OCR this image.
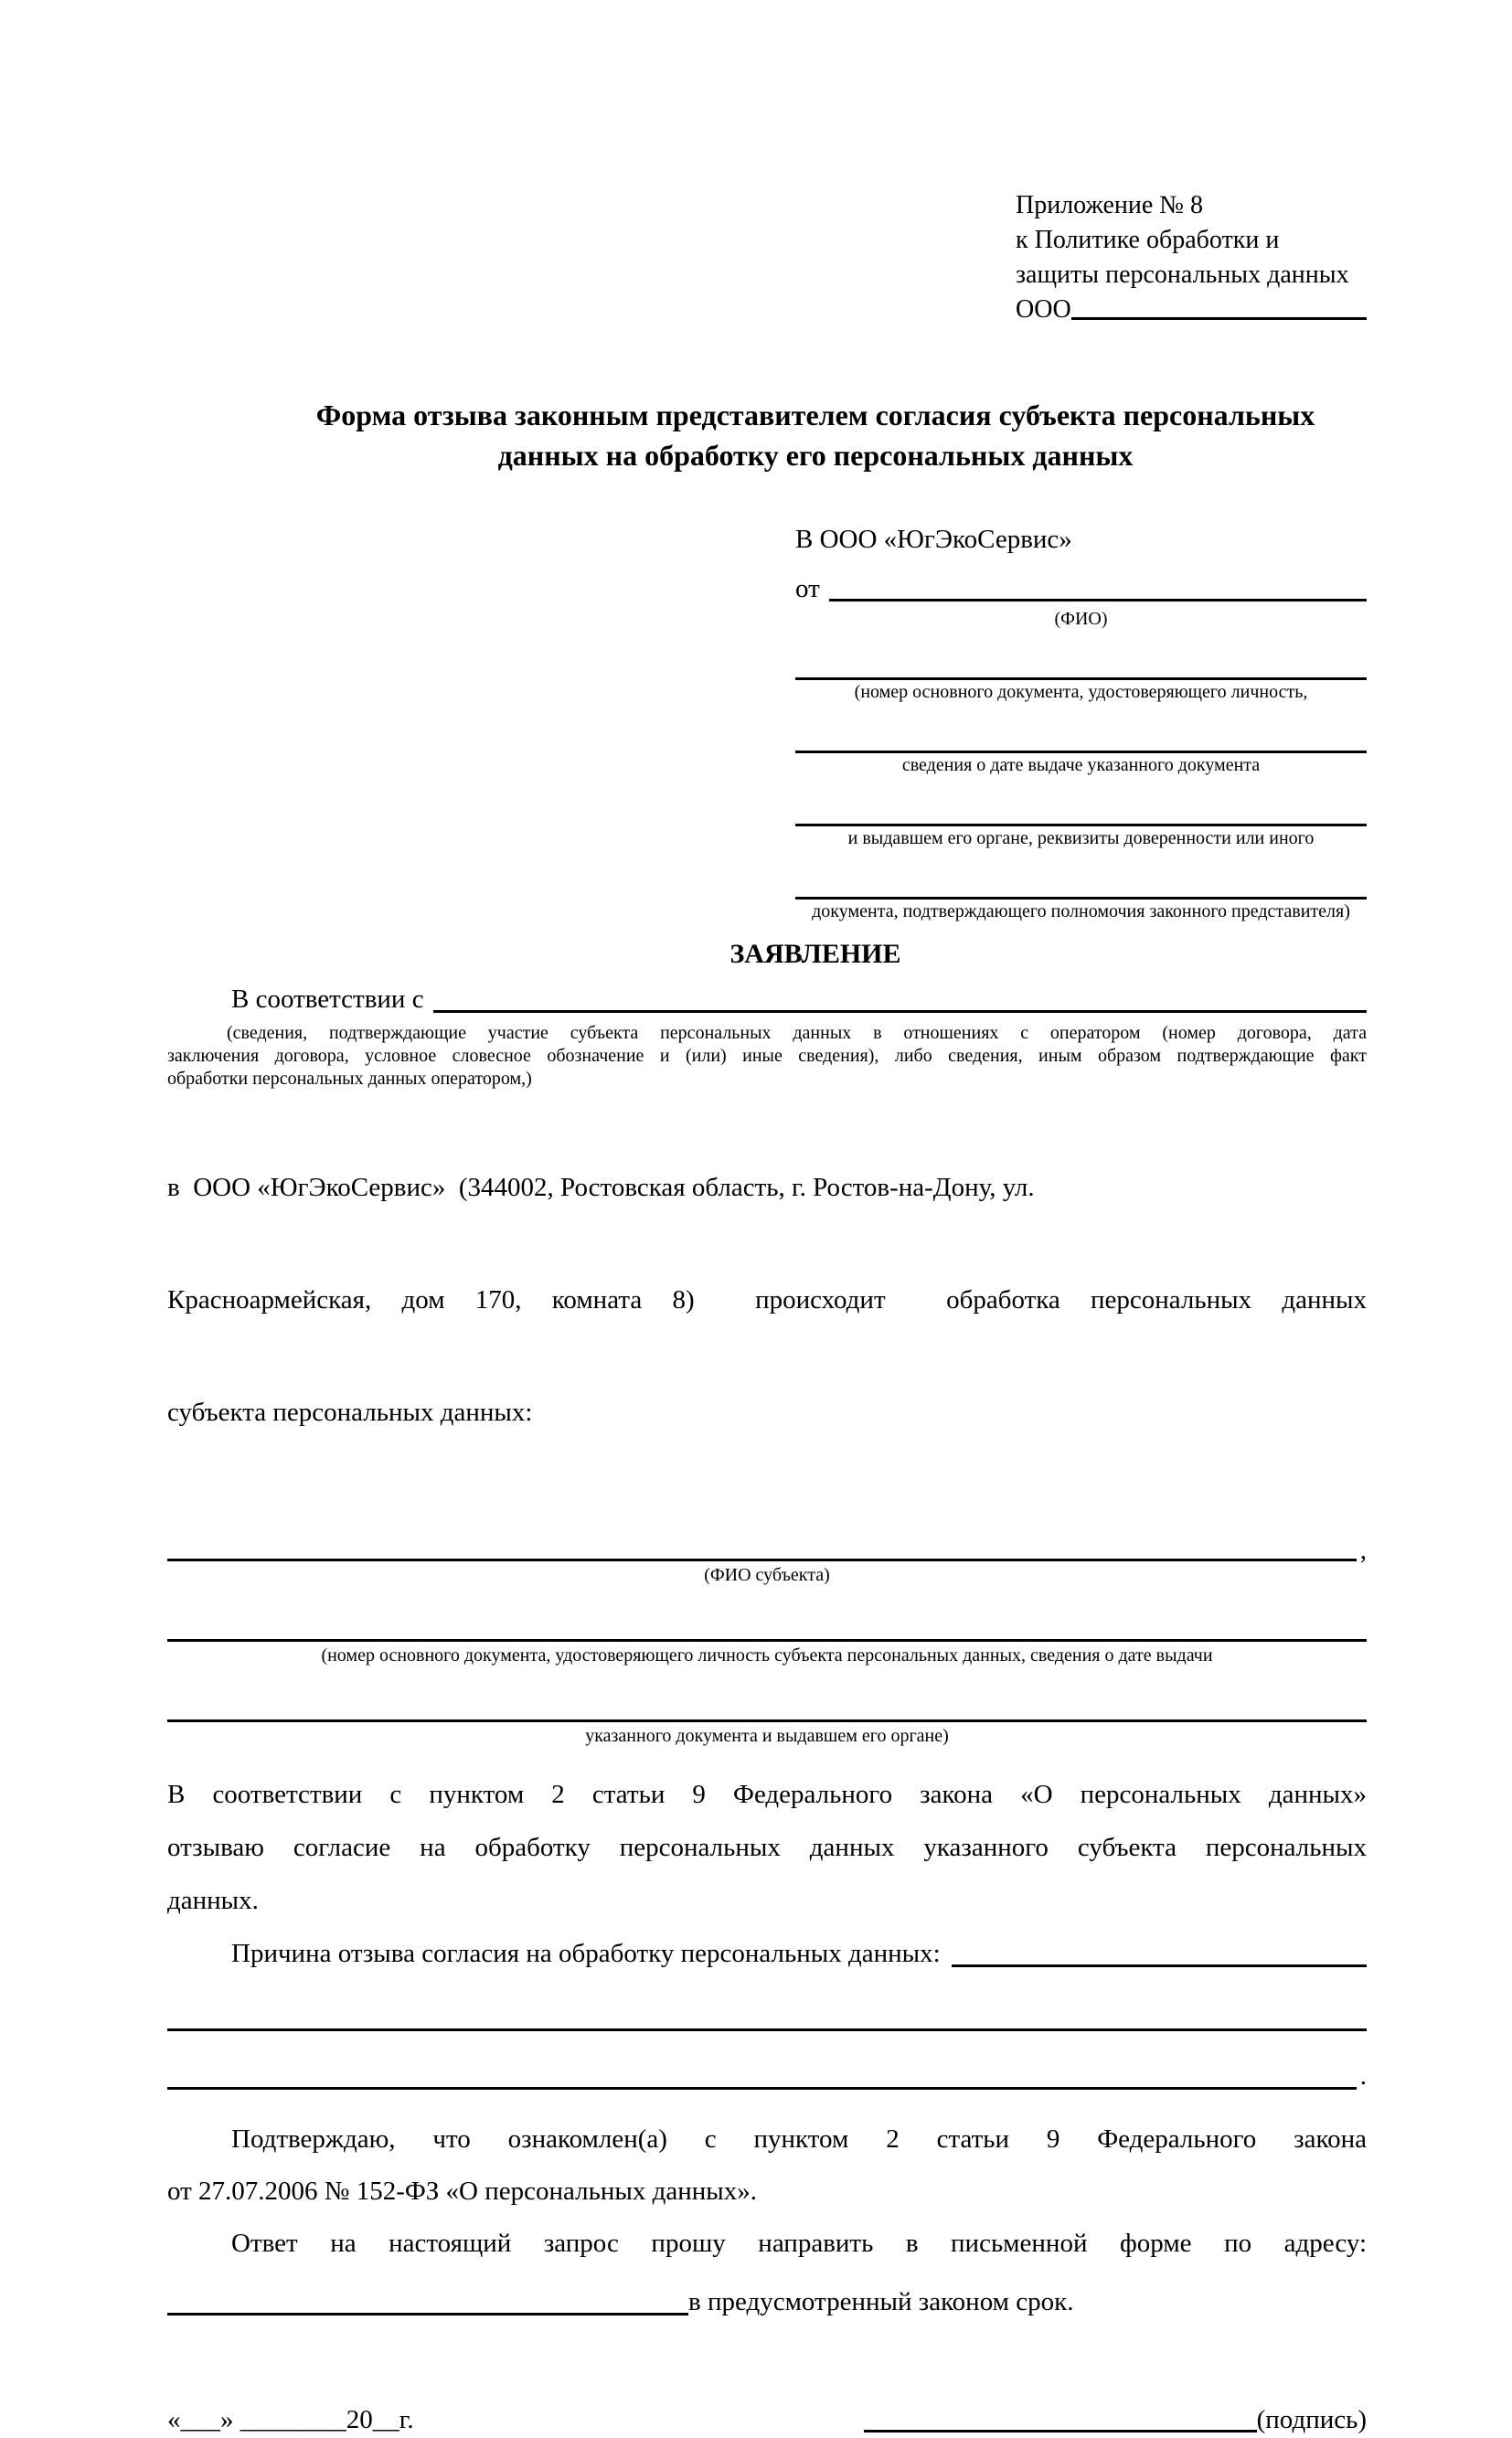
Приложение № 8
к Политике обработки и
защиты персональных данных
ООО
Форма отзыва законным представителем согласия субъекта персональных данных на обработку его персональных данных
В ООО «ЮгЭкоСервис»
от
(ФИО)
(номер основного документа, удостоверяющего личность,
сведения о дате выдаче указанного документа
и выдавшем его органе, реквизиты доверенности или иного
документа, подтверждающего полномочия законного представителя)
ЗАЯВЛЕНИЕ
В соответствии с
(сведения, подтверждающие участие субъекта персональных данных в отношениях с оператором (номер договора, дата
заключения договора, условное словесное обозначение и (или) иные сведения), либо сведения, иным образом подтверждающие факт
обработки персональных данных оператором,)

в  ООО «ЮгЭкоСервис»  (344002, Ростовская область, г. Ростов-на-Дону, ул.

Красноармейская, дом 170, комната 8)  происходит  обработка персональных данных

субъекта персональных данных:

,
(ФИО субъекта)
(номер основного документа, удостоверяющего личность субъекта персональных данных, сведения о дате выдачи
указанного документа и выдавшем его органе)
В соответствии с пунктом 2 статьи 9 Федерального закона «О персональных данных»
отзываю согласие на обработку персональных данных указанного субъекта персональных
данных.
Причина отзыва согласия на обработку персональных данных:
.
Подтверждаю, что ознакомлен(а) с пунктом 2 статьи 9 Федерального закона
от 27.07.2006 № 152-ФЗ «О персональных данных».
Ответ на настоящий запрос прошу направить в письменной форме по адресу:
в предусмотренный законом срок.
«___» ________20__г.	(подпись)
